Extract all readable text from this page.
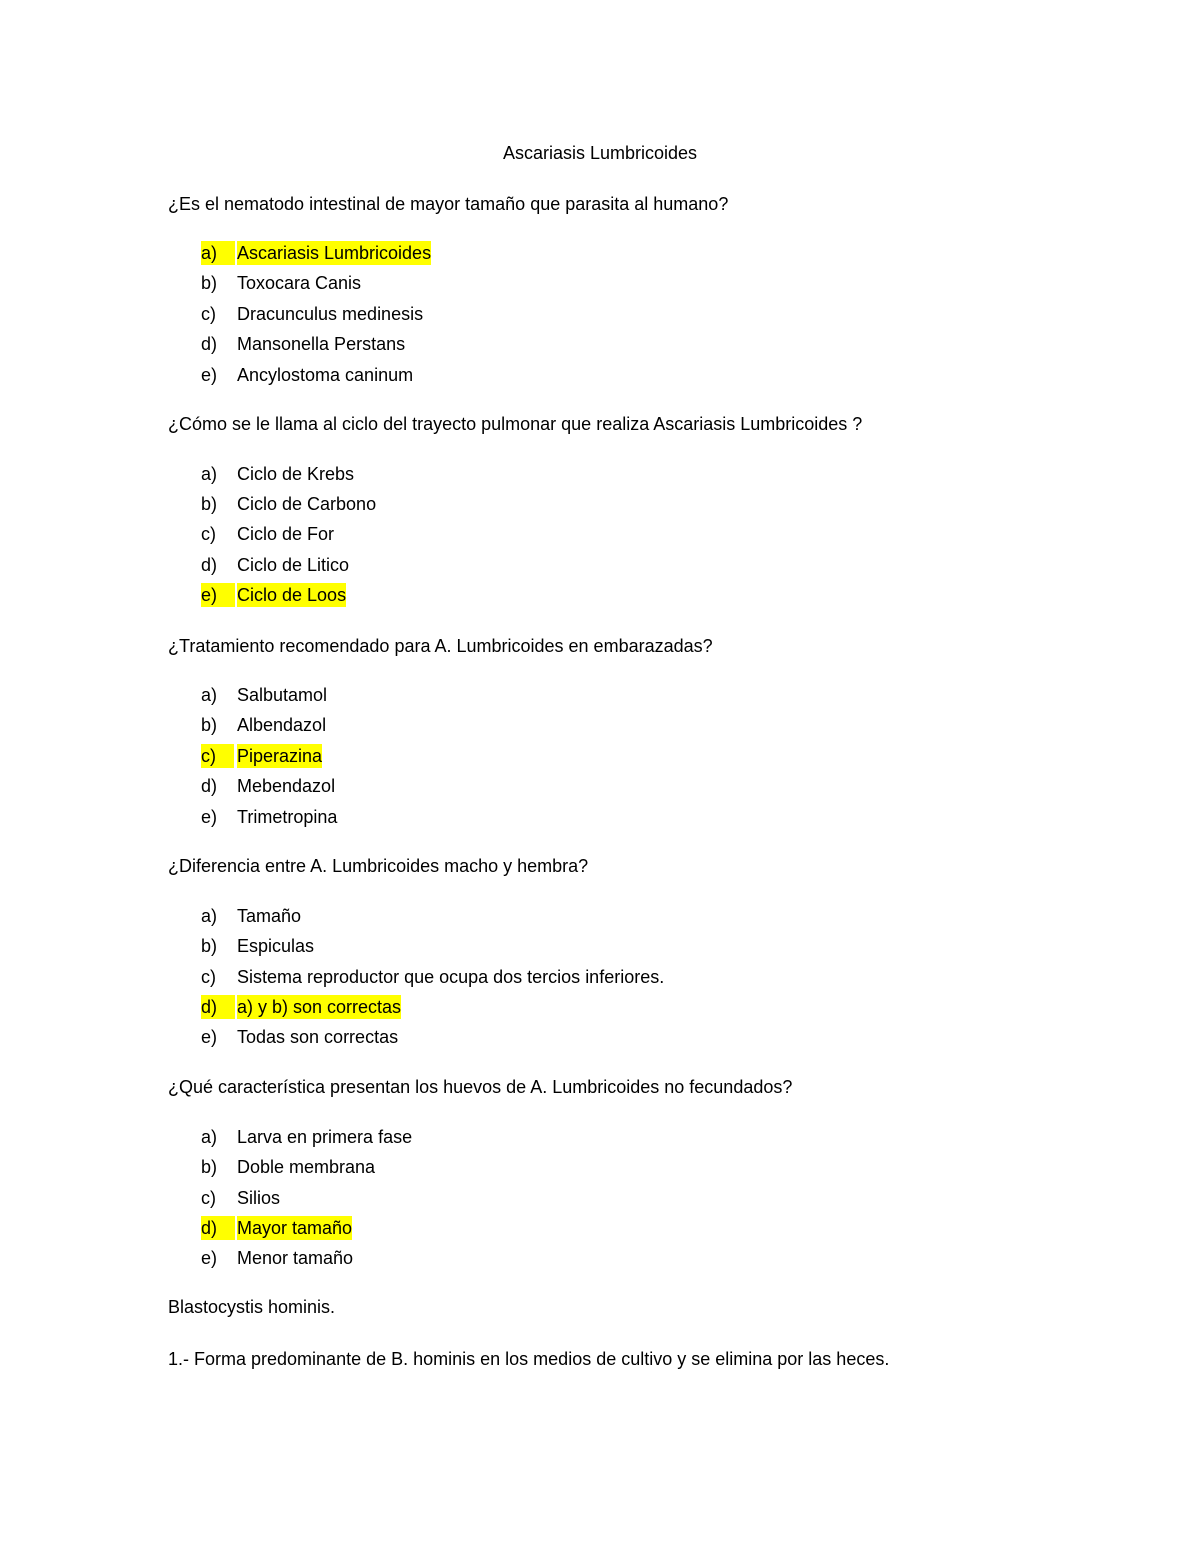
Ascariasis Lumbricoides
¿Es el nematodo intestinal de mayor tamaño que parasita al humano?
a)	Ascariasis Lumbricoides
b) Toxocara Canis
c) Dracunculus medinesis
d) Mansonella Perstans
e) Ancylostoma caninum
¿Cómo se le llama al ciclo del trayecto pulmonar que realiza Ascariasis Lumbricoides ?
a) Ciclo de Krebs
b) Ciclo de Carbono
c) Ciclo de For
d) Ciclo de Litico
e)	Ciclo de Loos
¿Tratamiento recomendado para A. Lumbricoides en embarazadas?
a) Salbutamol
b) Albendazol
c)	Piperazina
d) Mebendazol
e) Trimetropina
¿Diferencia entre A. Lumbricoides macho y hembra?
a) Tamaño
b) Espiculas
c) Sistema reproductor que ocupa dos tercios inferiores.
d)	a) y b) son correctas
e) Todas son correctas
¿Qué característica presentan los huevos de A. Lumbricoides no fecundados?
a) Larva en primera fase
b) Doble membrana
c) Silios
d)	Mayor tamaño
e) Menor tamaño
Blastocystis hominis.
1.- Forma predominante de B. hominis en los medios de cultivo y se elimina por las heces.
